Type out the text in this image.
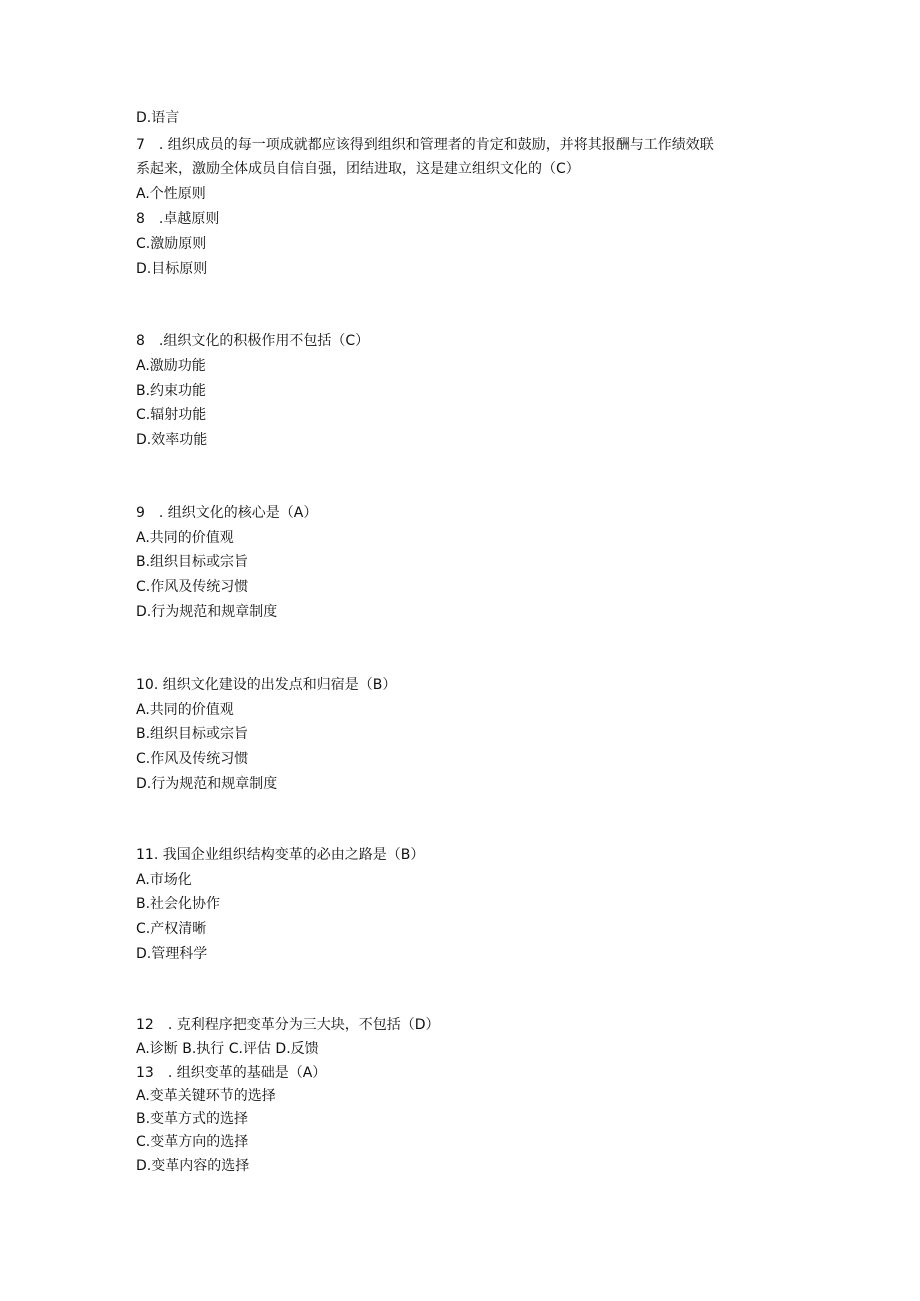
D.语言
7　. 组织成员的每一项成就都应该得到组织和管理者的肯定和鼓励，并将其报酬与工作绩效联
系起来，激励全体成员自信自强，团结进取，这是建立组织文化的（C）
A.个性原则
8　.卓越原则
C.激励原则
D.目标原则
8　.组织文化的积极作用不包括（C）
A.激励功能
B.约束功能
C.辐射功能
D.效率功能
9　. 组织文化的核心是（A）
A.共同的价值观
B.组织目标或宗旨
C.作风及传统习惯
D.行为规范和规章制度
10. 组织文化建设的出发点和归宿是（B）
A.共同的价值观
B.组织目标或宗旨
C.作风及传统习惯
D.行为规范和规章制度
11. 我国企业组织结构变革的必由之路是（B）
A.市场化
B.社会化协作
C.产权清晰
D.管理科学
12　. 克利程序把变革分为三大块，不包括（D）
A.诊断 B.执行 C.评估 D.反馈
13　. 组织变革的基础是（A）
A.变革关键环节的选择
B.变革方式的选择
C.变革方向的选择
D.变革内容的选择
